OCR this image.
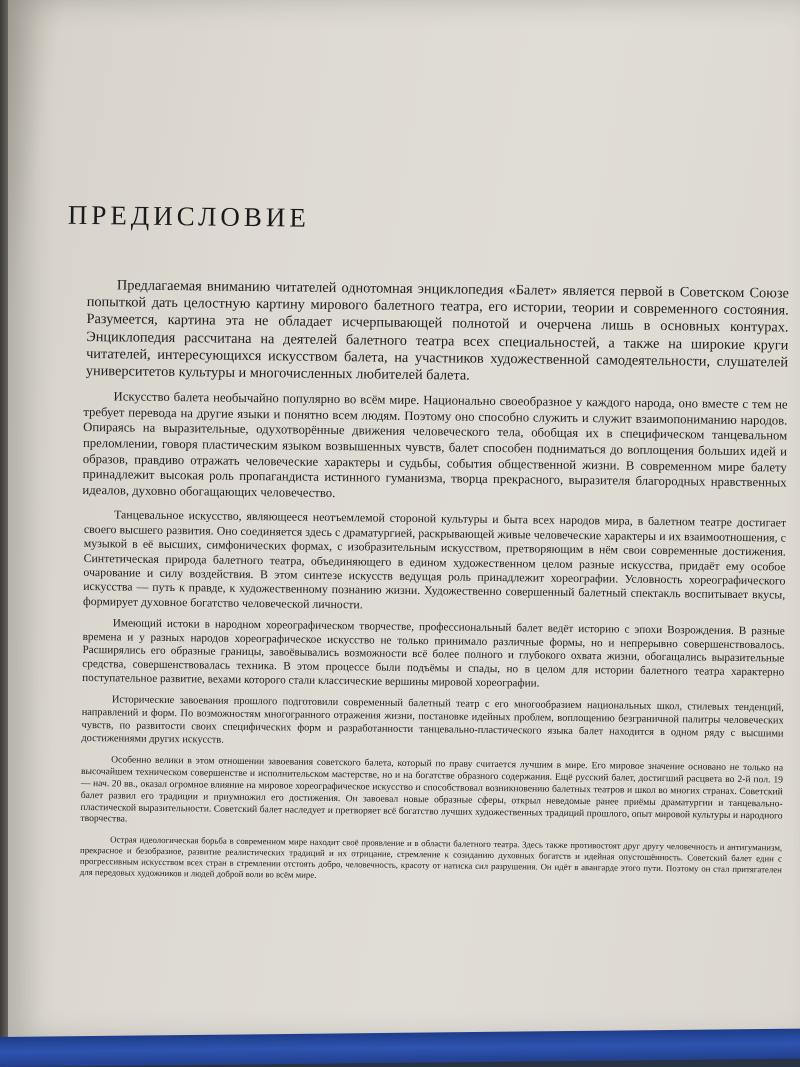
ПРЕДИСЛОВИЕ

Предлагаемая вниманию читателей однотомная энциклопедия «Балет» является первой в Советском Союзе попыткой дать целостную картину мирового балетного театра, его истории, теории и современного состояния. Разумеется, картина эта не обладает исчерпывающей полнотой и очерчена лишь в основных контурах. Энциклопедия рассчитана на деятелей балетного театра всех специальностей, а также на широкие круги читателей, интересующихся искусством балета, на участников художественной самодеятельности, слушателей университетов культуры и многочисленных любителей балета.

Искусство балета необычайно популярно во всём мире. Национально своеобразное у каждого народа, оно вместе с тем не требует перевода на другие языки и понятно всем людям. Поэтому оно способно служить и служит взаимопониманию народов. Опираясь на выразительные, одухотворённые движения человеческого тела, обобщая их в специфическом танцевальном преломлении, говоря пластическим языком возвышенных чувств, балет способен подниматься до воплощения больших идей и образов, правдиво отражать человеческие характеры и судьбы, события общественной жизни. В современном мире балету принадлежит высокая роль пропагандиста истинного гуманизма, творца прекрасного, выразителя благородных нравственных идеалов, духовно обогащающих человечество.

Танцевальное искусство, являющееся неотъемлемой стороной культуры и быта всех народов мира, в балетном театре достигает своего высшего развития. Оно соединяется здесь с драматургией, раскрывающей живые человеческие характеры и их взаимоотношения, с музыкой в её высших, симфонических формах, с изобразительным искусством, претворяющим в нём свои современные достижения. Синтетическая природа балетного театра, объединяющего в едином художественном целом разные искусства, придаёт ему особое очарование и силу воздействия. В этом синтезе искусств ведущая роль принадлежит хореографии. Условность хореографического искусства — путь к правде, к художественному познанию жизни. Художественно совершенный балетный спектакль воспитывает вкусы, формирует духовное богатство человеческой личности.

Имеющий истоки в народном хореографическом творчестве, профессиональный балет ведёт историю с эпохи Возрождения. В разные времена и у разных народов хореографическое искусство не только принимало различные формы, но и непрерывно совершенствовалось. Расширялись его образные границы, завоёвывались возможности всё более полного и глубокого охвата жизни, обогащались выразительные средства, совершенствовалась техника. В этом процессе были подъёмы и спады, но в целом для истории балетного театра характерно поступательное развитие, вехами которого стали классические вершины мировой хореографии.

Исторические завоевания прошлого подготовили современный балетный театр с его многообразием национальных школ, стилевых тенденций, направлений и форм. По возможностям многогранного отражения жизни, постановке идейных проблем, воплощению безграничной палитры человеческих чувств, по развитости своих специфических форм и разработанности танцевально-пластического языка балет находится в одном ряду с высшими достижениями других искусств.

Особенно велики в этом отношении завоевания советского балета, который по праву считается лучшим в мире. Его мировое значение основано не только на высочайшем техническом совершенстве и исполнительском мастерстве, но и на богатстве образного содержания. Ещё русский балет, достигший расцвета во 2-й пол. 19 — нач. 20 вв., оказал огромное влияние на мировое хореографическое искусство и способствовал возникновению балетных театров и школ во многих странах. Советский балет развил его традиции и приумножил его достижения. Он завоевал новые образные сферы, открыл неведомые ранее приёмы драматургии и танцевально-пластической выразительности. Советский балет наследует и претворяет всё богатство лучших художественных традиций прошлого, опыт мировой культуры и народного творчества.

Острая идеологическая борьба в современном мире находит своё проявление и в области балетного театра. Здесь также противостоят друг другу человечность и антигуманизм, прекрасное и безобразное, развитие реалистических традиций и их отрицание, стремление к созиданию духовных богатств и идейная опустошённость. Советский балет един с прогрессивным искусством всех стран в стремлении отстоять добро, человечность, красоту от натиска сил разрушения. Он идёт в авангарде этого пути. Поэтому он стал притягателен для передовых художников и людей доброй воли во всём мире.
